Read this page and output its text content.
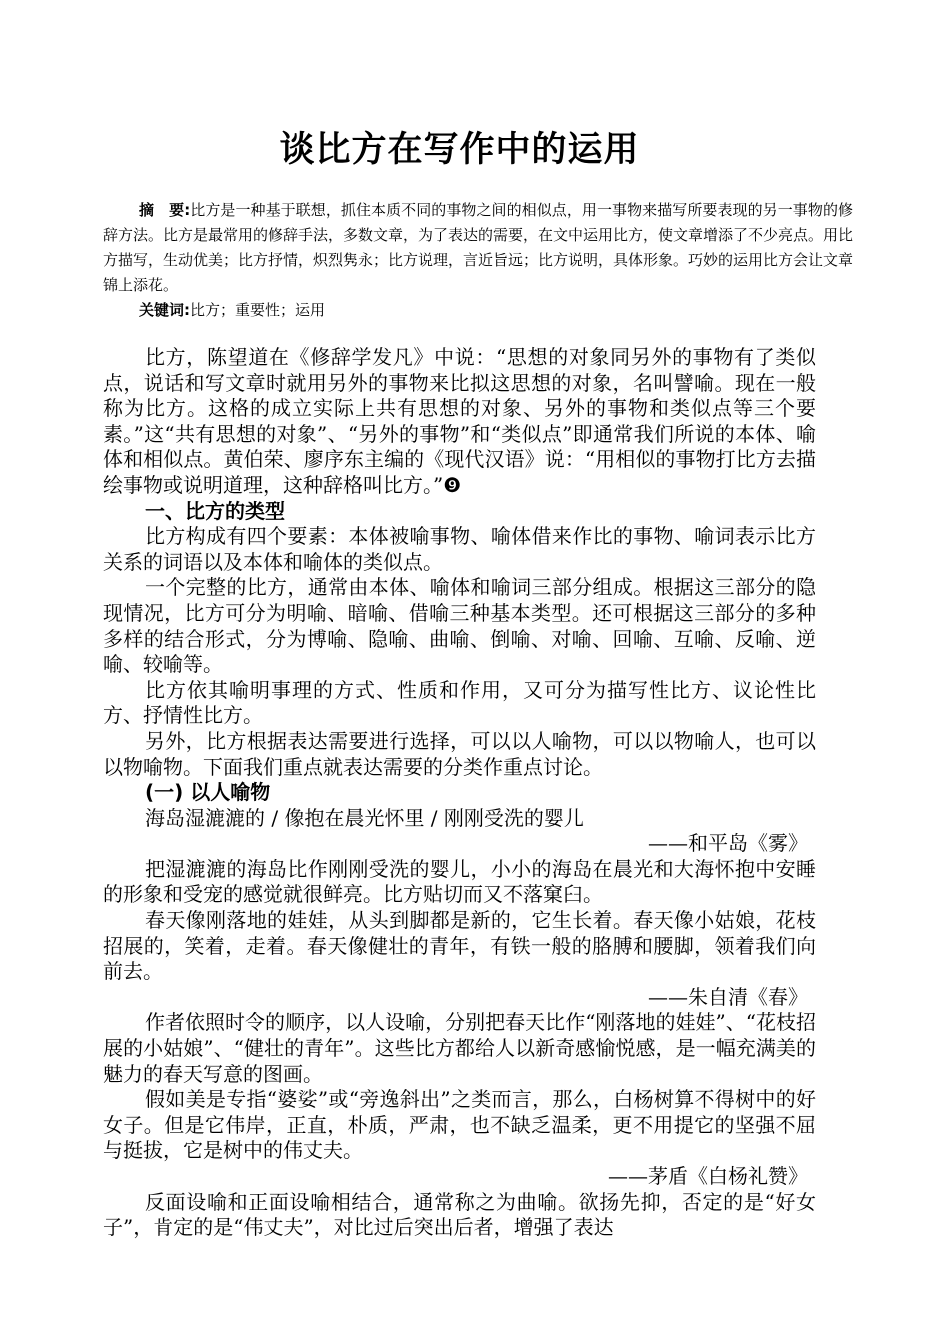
谈比方在写作中的运用

摘　要:比方是一种基于联想，抓住本质不同的事物之间的相似点，用一事物来描写所要表现的另一事物的修辞方法。比方是最常用的修辞手法，多数文章，为了表达的需要，在文中运用比方，使文章增添了不少亮点。用比方描写，生动优美；比方抒情，炽烈隽永；比方说理，言近旨远；比方说明，具体形象。巧妙的运用比方会让文章锦上添花。

关键词:比方；重要性；运用

比方，陈望道在《修辞学发凡》中说：“思想的对象同另外的事物有了类似点，说话和写文章时就用另外的事物来比拟这思想的对象，名叫譬喻。现在一般称为比方。这格的成立实际上共有思想的对象、另外的事物和类似点等三个要素。”这“共有思想的对象”、“另外的事物”和“类似点”即通常我们所说的本体、喻体和相似点。黄伯荣、廖序东主编的《现代汉语》说：“用相似的事物打比方去描绘事物或说明道理，这种辞格叫比方。”❾

一、比方的类型

比方构成有四个要素：本体被喻事物、喻体借来作比的事物、喻词表示比方关系的词语以及本体和喻体的类似点。

一个完整的比方，通常由本体、喻体和喻词三部分组成。根据这三部分的隐现情况，比方可分为明喻、暗喻、借喻三种基本类型。还可根据这三部分的多种多样的结合形式，分为博喻、隐喻、曲喻、倒喻、对喻、回喻、互喻、反喻、逆喻、较喻等。

比方依其喻明事理的方式、性质和作用，又可分为描写性比方、议论性比方、抒情性比方。

另外，比方根据表达需要进行选择，可以以人喻物，可以以物喻人，也可以以物喻物。下面我们重点就表达需要的分类作重点讨论。

(一) 以人喻物

海岛湿漉漉的 / 像抱在晨光怀里 / 刚刚受洗的婴儿

——和平岛《雾》

把湿漉漉的海岛比作刚刚受洗的婴儿，小小的海岛在晨光和大海怀抱中安睡的形象和受宠的感觉就很鲜亮。比方贴切而又不落窠臼。

春天像刚落地的娃娃，从头到脚都是新的，它生长着。春天像小姑娘，花枝招展的，笑着，走着。春天像健壮的青年，有铁一般的胳膊和腰脚，领着我们向前去。

——朱自清《春》

作者依照时令的顺序，以人设喻，分别把春天比作“刚落地的娃娃”、“花枝招展的小姑娘”、“健壮的青年”。这些比方都给人以新奇感愉悦感，是一幅充满美的魅力的春天写意的图画。

假如美是专指“婆娑”或“旁逸斜出”之类而言，那么，白杨树算不得树中的好女子。但是它伟岸，正直，朴质，严肃，也不缺乏温柔，更不用提它的坚强不屈与挺拔，它是树中的伟丈夫。

——茅盾《白杨礼赞》

反面设喻和正面设喻相结合，通常称之为曲喻。欲扬先抑，否定的是“好女子”，肯定的是“伟丈夫”，对比过后突出后者，增强了表达
